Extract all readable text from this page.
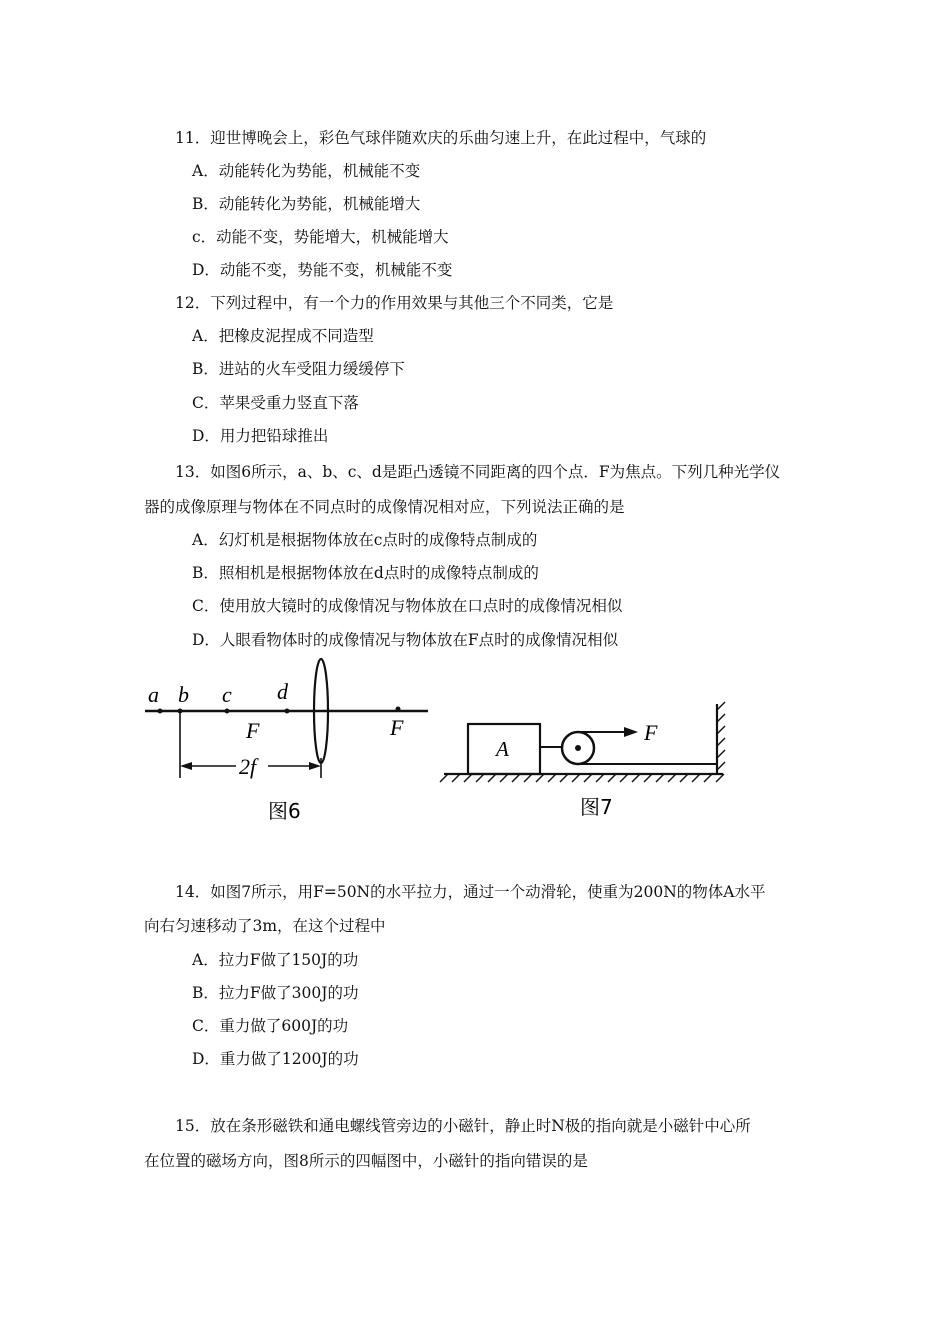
11．迎世博晚会上，彩色气球伴随欢庆的乐曲匀速上升，在此过程中，气球的
A．动能转化为势能，机械能不变
B．动能转化为势能，机械能增大
c．动能不变，势能增大，机械能增大
D．动能不变，势能不变，机械能不变
12．下列过程中，有一个力的作用效果与其他三个不同类，它是
A．把橡皮泥捏成不同造型
B．进站的火车受阻力缓缓停下
C．苹果受重力竖直下落
D．用力把铅球推出
13．如图6所示，a、b、c、d是距凸透镜不同距离的四个点．F为焦点。下列几种光学仪
器的成像原理与物体在不同点时的成像情况相对应，下列说法正确的是
A．幻灯机是根据物体放在c点时的成像特点制成的
B．照相机是根据物体放在d点时的成像特点制成的
C．使用放大镜时的成像情况与物体放在口点时的成像情况相似
D．人眼看物体时的成像情况与物体放在F点时的成像情况相似
a b c d
F	F
2f
图6
A
F
图7
14．如图7所示，用F=50N的水平拉力，通过一个动滑轮，使重为200N的物体A水平
向右匀速移动了3m，在这个过程中
A．拉力F做了150J的功
B．拉力F做了300J的功
C．重力做了600J的功
D．重力做了1200J的功
15．放在条形磁铁和通电螺线管旁边的小磁针，静止时N极的指向就是小磁针中心所
在位置的磁场方向，图8所示的四幅图中，小磁针的指向错误的是
